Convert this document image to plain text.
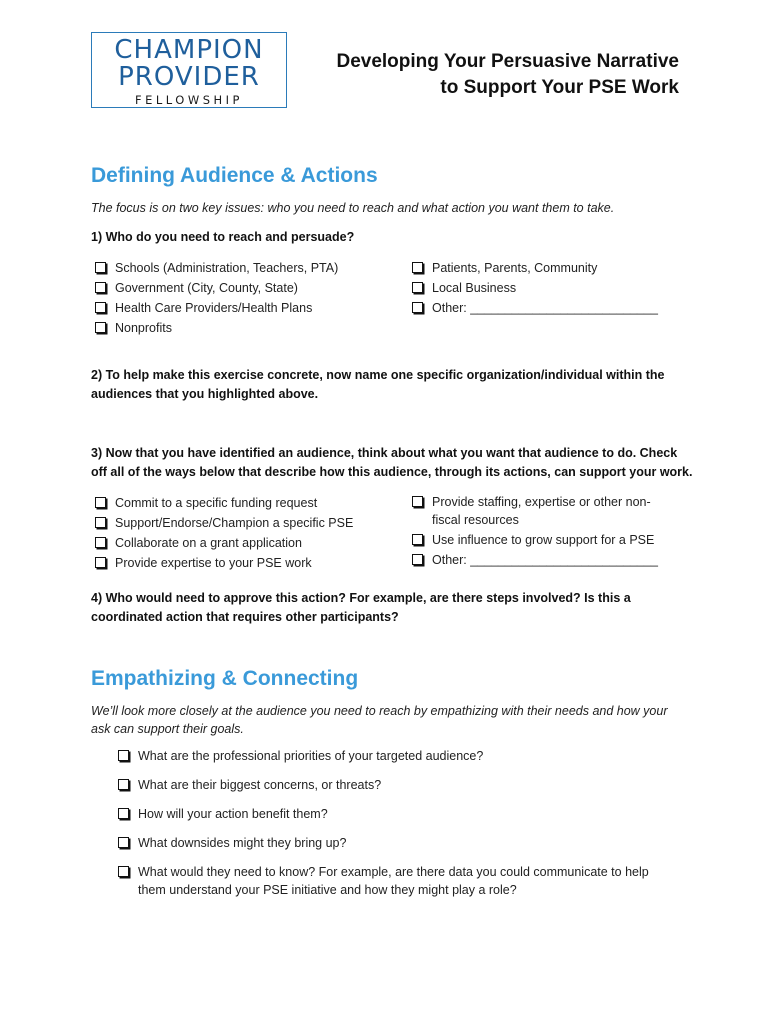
CHAMPION
PROVIDER
FELLOWSHIP
Developing Your Persuasive Narrative
to Support Your PSE Work
Defining Audience & Actions
The focus is on two key issues: who you need to reach and what action you want them to take.
1) Who do you need to reach and persuade?
Schools (Administration, Teachers, PTA)
Government (City, County, State)
Health Care Providers/Health Plans
Nonprofits
Patients, Parents, Community
Local Business
Other: ___________________________
2) To help make this exercise concrete, now name one specific organization/individual within the
audiences that you highlighted above.
3) Now that you have identified an audience, think about what you want that audience to do. Check
off all of the ways below that describe how this audience, through its actions, can support your work.
Commit to a specific funding request
Support/Endorse/Champion a specific PSE
Collaborate on a grant application
Provide expertise to your PSE work
Provide staffing, expertise or other non-
fiscal resources
Use influence to grow support for a PSE
Other: ___________________________
4) Who would need to approve this action? For example, are there steps involved? Is this a
coordinated action that requires other participants?
Empathizing & Connecting
We’ll look more closely at the audience you need to reach by empathizing with their needs and how your
ask can support their goals.
What are the professional priorities of your targeted audience?
What are their biggest concerns, or threats?
How will your action benefit them?
What downsides might they bring up?
What would they need to know? For example, are there data you could communicate to help
them understand your PSE initiative and how they might play a role?
